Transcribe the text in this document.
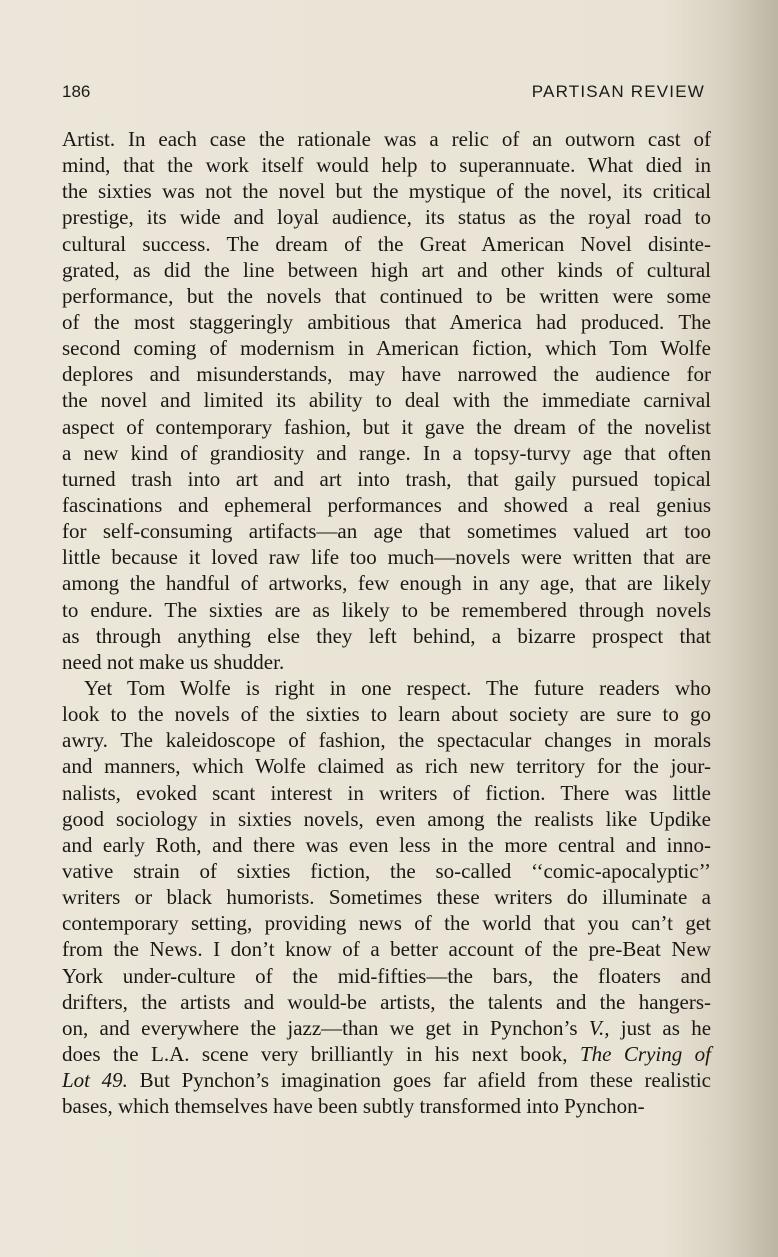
186	PARTISAN REVIEW
Artist. In each case the rationale was a relic of an outworn cast of
mind, that the work itself would help to superannuate. What died in
the sixties was not the novel but the mystique of the novel, its critical
prestige, its wide and loyal audience, its status as the royal road to
cultural success. The dream of the Great American Novel disinte-
grated, as did the line between high art and other kinds of cultural
performance, but the novels that continued to be written were some
of the most staggeringly ambitious that America had produced. The
second coming of modernism in American fiction, which Tom Wolfe
deplores and misunderstands, may have narrowed the audience for
the novel and limited its ability to deal with the immediate carnival
aspect of contemporary fashion, but it gave the dream of the novelist
a new kind of grandiosity and range. In a topsy-turvy age that often
turned trash into art and art into trash, that gaily pursued topical
fascinations and ephemeral performances and showed a real genius
for self-consuming artifacts—an age that sometimes valued art too
little because it loved raw life too much—novels were written that are
among the handful of artworks, few enough in any age, that are likely
to endure. The sixties are as likely to be remembered through novels
as through anything else they left behind, a bizarre prospect that
need not make us shudder.
Yet Tom Wolfe is right in one respect. The future readers who
look to the novels of the sixties to learn about society are sure to go
awry. The kaleidoscope of fashion, the spectacular changes in morals
and manners, which Wolfe claimed as rich new territory for the jour-
nalists, evoked scant interest in writers of fiction. There was little
good sociology in sixties novels, even among the realists like Updike
and early Roth, and there was even less in the more central and inno-
vative strain of sixties fiction, the so-called ‘‘comic-apocalyptic’’
writers or black humorists. Sometimes these writers do illuminate a
contemporary setting, providing news of the world that you can’t get
from the News. I don’t know of a better account of the pre-Beat New
York under-culture of the mid-fifties—the bars, the floaters and
drifters, the artists and would-be artists, the talents and the hangers-
on, and everywhere the jazz—than we get in Pynchon’s V., just as he
does the L.A. scene very brilliantly in his next book, The Crying of
Lot 49. But Pynchon’s imagination goes far afield from these realistic
bases, which themselves have been subtly transformed into Pynchon-
